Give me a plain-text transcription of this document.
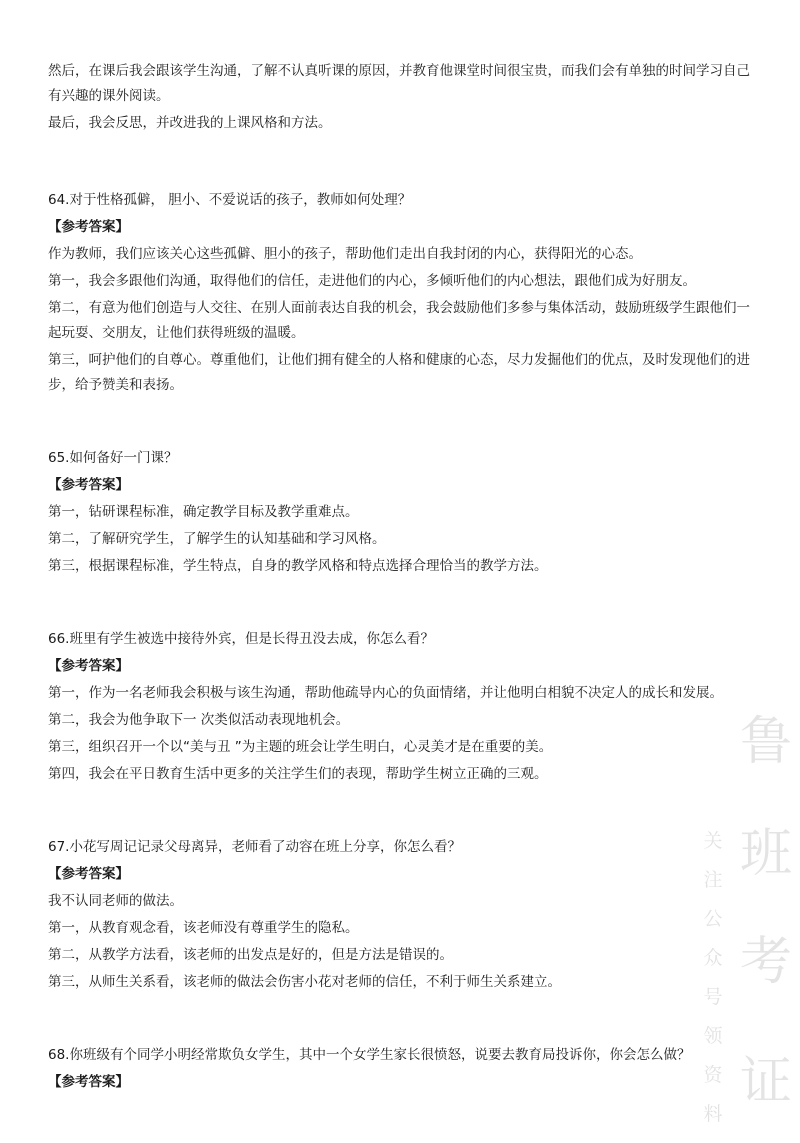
然后，在课后我会跟该学生沟通，了解不认真听课的原因，并教育他课堂时间很宝贵，而我们会有单独的时间学习自己有兴趣的课外阅读。

最后，我会反思，并改进我的上课风格和方法。

64.对于性格孤僻， 胆小、不爱说话的孩子，教师如何处理？

【参考答案】

作为教师，我们应该关心这些孤僻、胆小的孩子，帮助他们走出自我封闭的内心，获得阳光的心态。

第一，我会多跟他们沟通，取得他们的信任，走进他们的内心，多倾听他们的内心想法，跟他们成为好朋友。

第二，有意为他们创造与人交往、在别人面前表达自我的机会，我会鼓励他们多参与集体活动，鼓励班级学生跟他们一起玩耍、交朋友，让他们获得班级的温暖。

第三，呵护他们的自尊心。尊重他们，让他们拥有健全的人格和健康的心态，尽力发掘他们的优点，及时发现他们的进步，给予赞美和表扬。

65.如何备好一门课？

【参考答案】

第一，钻研课程标准，确定教学目标及教学重难点。

第二，了解研究学生，了解学生的认知基础和学习风格。

第三，根据课程标准，学生特点，自身的教学风格和特点选择合理恰当的教学方法。

66.班里有学生被选中接待外宾，但是长得丑没去成，你怎么看？

【参考答案】

第一，作为一名老师我会积极与该生沟通，帮助他疏导内心的负面情绪，并让他明白相貌不决定人的成长和发展。

第二，我会为他争取下一 次类似活动表现地机会。

第三，组织召开一个以“美与丑 ”为主题的班会让学生明白，心灵美才是在重要的美。

第四，我会在平日教育生活中更多的关注学生们的表现，帮助学生树立正确的三观。

67.小花写周记记录父母离异，老师看了动容在班上分享，你怎么看？

【参考答案】

我不认同老师的做法。

第一，从教育观念看，该老师没有尊重学生的隐私。

第二，从教学方法看，该老师的出发点是好的，但是方法是错误的。

第三，从师生关系看，该老师的做法会伤害小花对老师的信任，不利于师生关系建立。

68.你班级有个同学小明经常欺负女学生，其中一个女学生家长很愤怒，说要去教育局投诉你，你会怎么做？

【参考答案】

鲁
班
考
证
关
注
公
众
号
领
资
料
